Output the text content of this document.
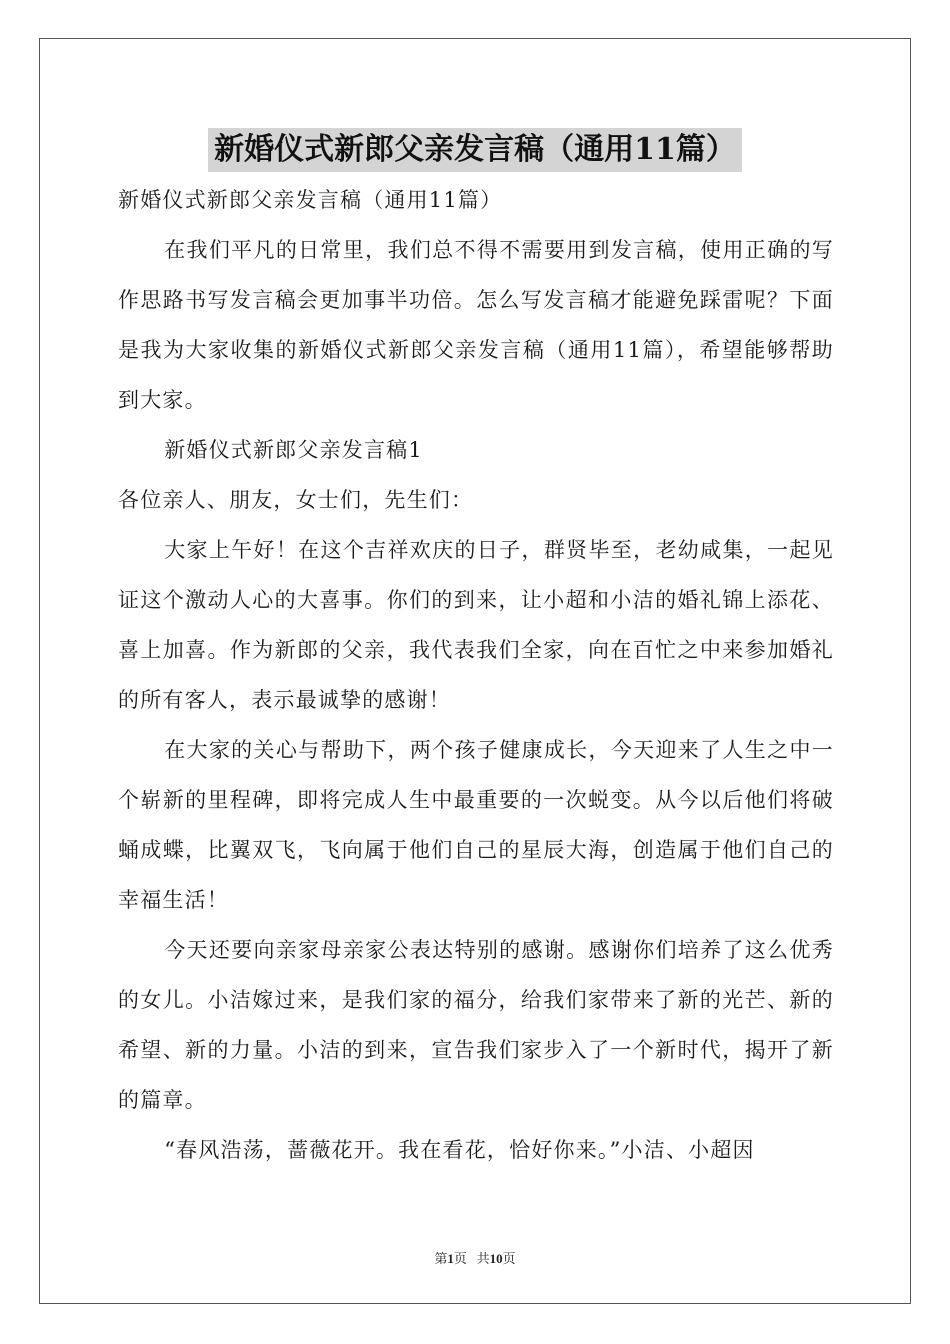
新婚仪式新郎父亲发言稿（通用11篇）

新婚仪式新郎父亲发言稿（通用11篇）

在我们平凡的日常里，我们总不得不需要用到发言稿，使用正确的写作思路书写发言稿会更加事半功倍。怎么写发言稿才能避免踩雷呢？下面是我为大家收集的新婚仪式新郎父亲发言稿（通用11篇），希望能够帮助到大家。

新婚仪式新郎父亲发言稿1

各位亲人、朋友，女士们，先生们：

大家上午好！在这个吉祥欢庆的日子，群贤毕至，老幼咸集，一起见证这个激动人心的大喜事。你们的到来，让小超和小洁的婚礼锦上添花、喜上加喜。作为新郎的父亲，我代表我们全家，向在百忙之中来参加婚礼的所有客人，表示最诚挚的感谢！

在大家的关心与帮助下，两个孩子健康成长，今天迎来了人生之中一个崭新的里程碑，即将完成人生中最重要的一次蜕变。从今以后他们将破蛹成蝶，比翼双飞，飞向属于他们自己的星辰大海，创造属于他们自己的幸福生活！

今天还要向亲家母亲家公表达特别的感谢。感谢你们培养了这么优秀的女儿。小洁嫁过来，是我们家的福分，给我们家带来了新的光芒、新的希望、新的力量。小洁的到来，宣告我们家步入了一个新时代，揭开了新的篇章。

“春风浩荡，蔷薇花开。我在看花，恰好你来。”小洁、小超因

第1页 共10页
